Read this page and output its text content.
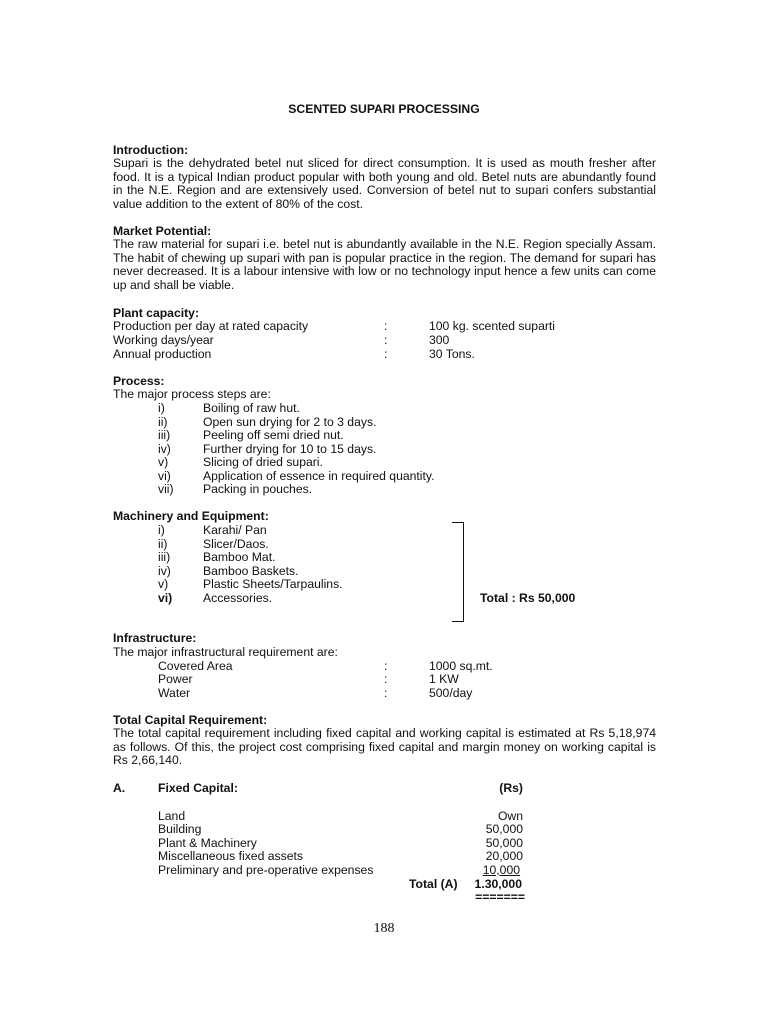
SCENTED SUPARI PROCESSING
Introduction:
Supari is the dehydrated betel nut sliced for direct consumption. It is used as mouth fresher after food. It is a typical Indian product popular with both young and old. Betel nuts are abundantly found in the N.E. Region and are extensively used. Conversion of betel nut to supari confers substantial value addition to the extent of 80% of the cost.
Market Potential:
The raw material for supari i.e. betel nut is abundantly available in the N.E. Region specially Assam. The habit of chewing up supari with pan is popular practice in the region. The demand for supari has never decreased. It is a labour intensive with low or no technology input hence a few units can come up and shall be viable.
Plant capacity:
Production per day at rated capacity	:	100 kg. scented suparti
Working days/year	:	300
Annual production	:	30 Tons.
Process:
The major process steps are:
i)	Boiling of raw hut.
ii)	Open sun drying for 2 to 3 days.
iii)	Peeling off semi dried nut.
iv)	Further drying for 10 to 15 days.
v)	Slicing of dried supari.
vi)	Application of essence in required quantity.
vii) Packing in pouches.
Machinery and Equipment:
i)	Karahi/ Pan
ii)	Slicer/Daos.
iii)	Bamboo Mat.
iv)	Bamboo Baskets.
v)	Plastic Sheets/Tarpaulins.
vi)	Accessories.	Total : Rs 50,000
Infrastructure:
The major infrastructural requirement are:
Covered Area	:	1000 sq.mt.
Power	:	1 KW
Water	:	500/day
Total Capital Requirement:
The total capital requirement including fixed capital and working capital is estimated at Rs 5,18,974 as follows. Of this, the project cost comprising fixed capital and margin money on working capital is Rs 2,66,140.
A.	Fixed Capital:	(Rs)
Land	Own
Building	50,000
Plant & Machinery	50,000
Miscellaneous fixed assets	20,000
Preliminary and pre-operative expenses	10,000
Total (A)	1.30,000
=======
188
